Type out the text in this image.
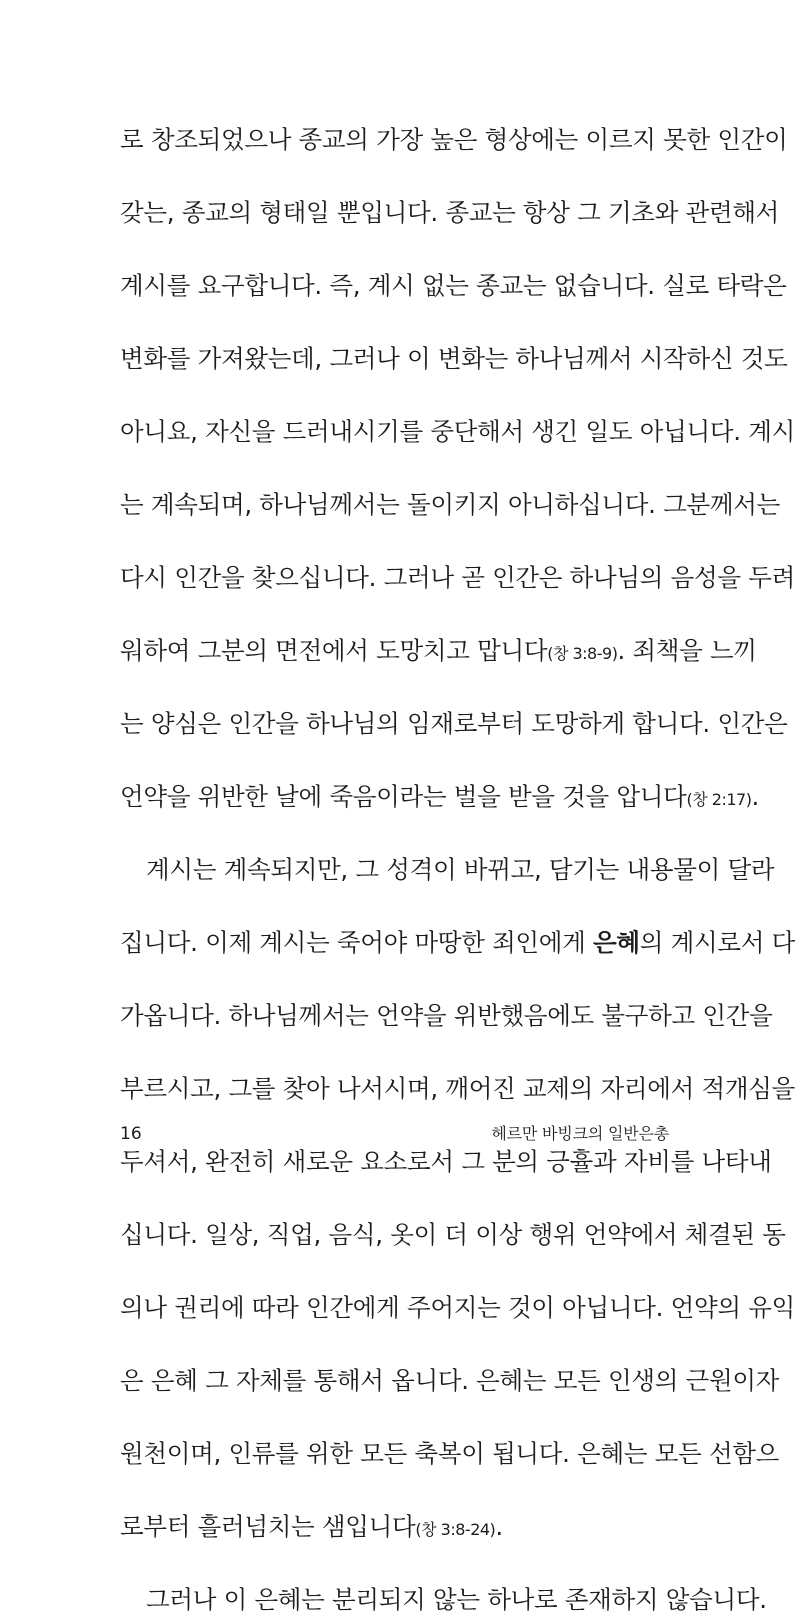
로 창조되었으나 종교의 가장 높은 형상에는 이르지 못한 인간이
갖는, 종교의 형태일 뿐입니다. 종교는 항상 그 기초와 관련해서
계시를 요구합니다. 즉, 계시 없는 종교는 없습니다. 실로 타락은
변화를 가져왔는데, 그러나 이 변화는 하나님께서 시작하신 것도
아니요, 자신을 드러내시기를 중단해서 생긴 일도 아닙니다. 계시
는 계속되며, 하나님께서는 돌이키지 아니하십니다. 그분께서는
다시 인간을 찾으십니다. 그러나 곧 인간은 하나님의 음성을 두려
워하여 그분의 면전에서 도망치고 맙니다(창 3:8-9). 죄책을 느끼
는 양심은 인간을 하나님의 임재로부터 도망하게 합니다. 인간은
언약을 위반한 날에 죽음이라는 벌을 받을 것을 압니다(창 2:17).
계시는 계속되지만, 그 성격이 바뀌고, 담기는 내용물이 달라
집니다. 이제 계시는 죽어야 마땅한 죄인에게 은혜의 계시로서 다
가옵니다. 하나님께서는 언약을 위반했음에도 불구하고 인간을
부르시고, 그를 찾아 나서시며, 깨어진 교제의 자리에서 적개심을
두셔서, 완전히 새로운 요소로서 그 분의 긍휼과 자비를 나타내
십니다. 일상, 직업, 음식, 옷이 더 이상 행위 언약에서 체결된 동
의나 권리에 따라 인간에게 주어지는 것이 아닙니다. 언약의 유익
은 은혜 그 자체를 통해서 옵니다. 은혜는 모든 인생의 근원이자
원천이며, 인류를 위한 모든 축복이 됩니다. 은혜는 모든 선함으
로부터 흘러넘치는 샘입니다(창 3:8-24).
그러나 이 은혜는 분리되지 않는 하나로 존재하지 않습니다.
16	헤르만 바빙크의 일반은총
